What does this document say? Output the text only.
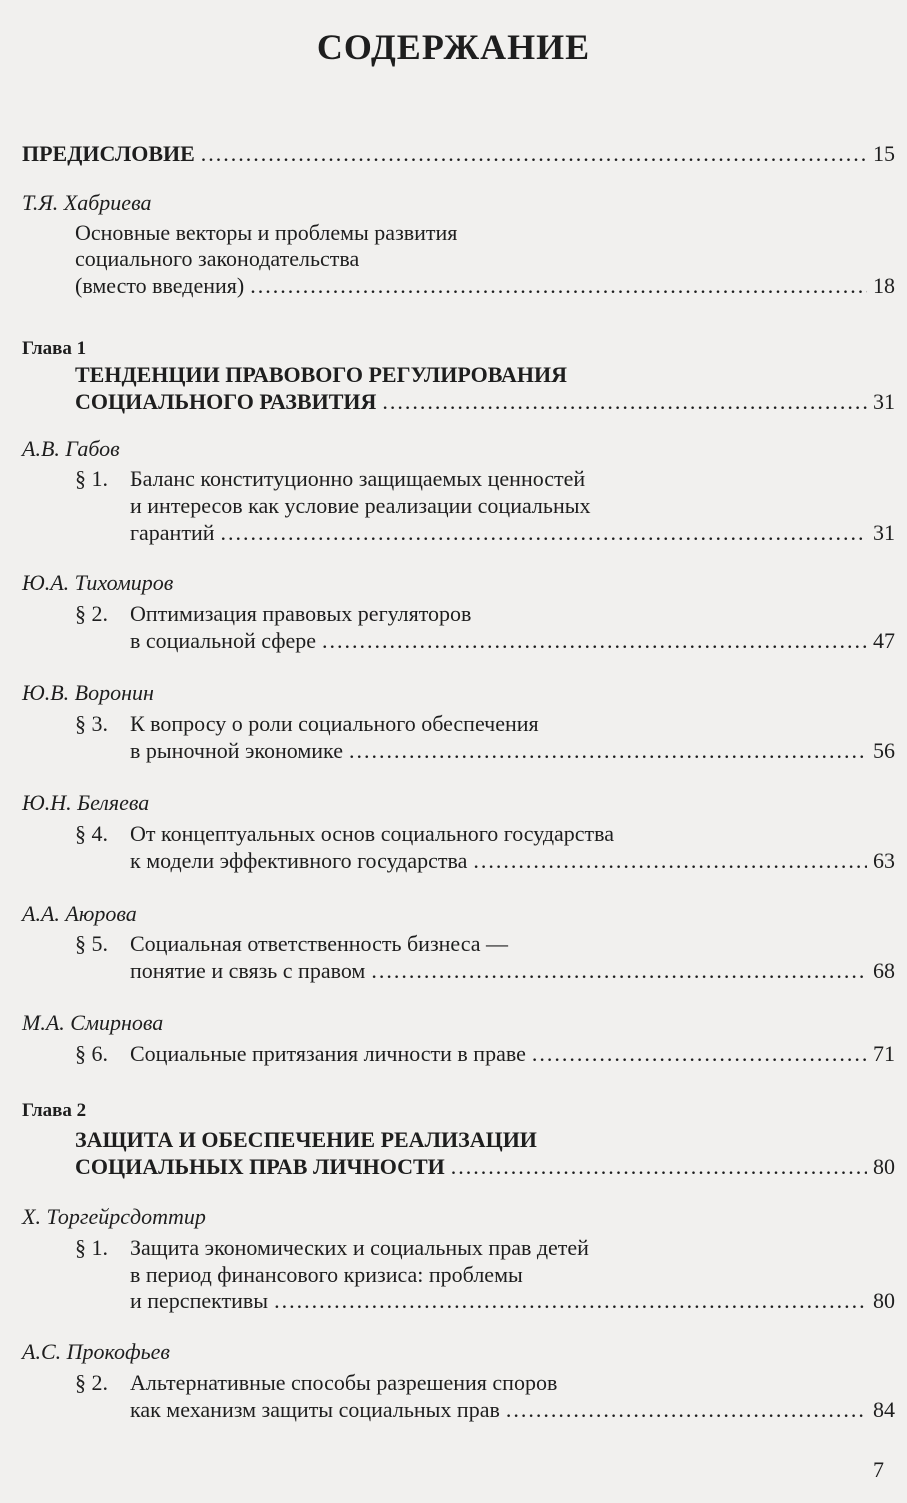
СОДЕРЖАНИЕ
ПРЕДИСЛОВИЕ .....	15
Т.Я. Хабриева
Основные векторы и проблемы развития
социального законодательства
(вместо введения) .....	18
Глава 1
ТЕНДЕНЦИИ ПРАВОВОГО РЕГУЛИРОВАНИЯ
СОЦИАЛЬНОГО РАЗВИТИЯ .....	31
А.В. Габов
§ 1. Баланс конституционно защищаемых ценностей
и интересов как условие реализации социальных
гарантий .....	31
Ю.А. Тихомиров
§ 2. Оптимизация правовых регуляторов
в социальной сфере .....	47
Ю.В. Воронин
§ 3. К вопросу о роли социального обеспечения
в рыночной экономике .....	56
Ю.Н. Беляева
§ 4. От концептуальных основ социального государства
к модели эффективного государства .....	63
А.А. Аюрова
§ 5. Социальная ответственность бизнеса —
понятие и связь с правом .....	68
М.А. Смирнова
§ 6. Социальные притязания личности в праве .....	71
Глава 2
ЗАЩИТА И ОБЕСПЕЧЕНИЕ РЕАЛИЗАЦИИ
СОЦИАЛЬНЫХ ПРАВ ЛИЧНОСТИ .....	80
Х. Торгейрсдоттир
§ 1. Защита экономических и социальных прав детей
в период финансового кризиса: проблемы
и перспективы .....	80
А.С. Прокофьев
§ 2. Альтернативные способы разрешения споров
как механизм защиты социальных прав .....	84
7
